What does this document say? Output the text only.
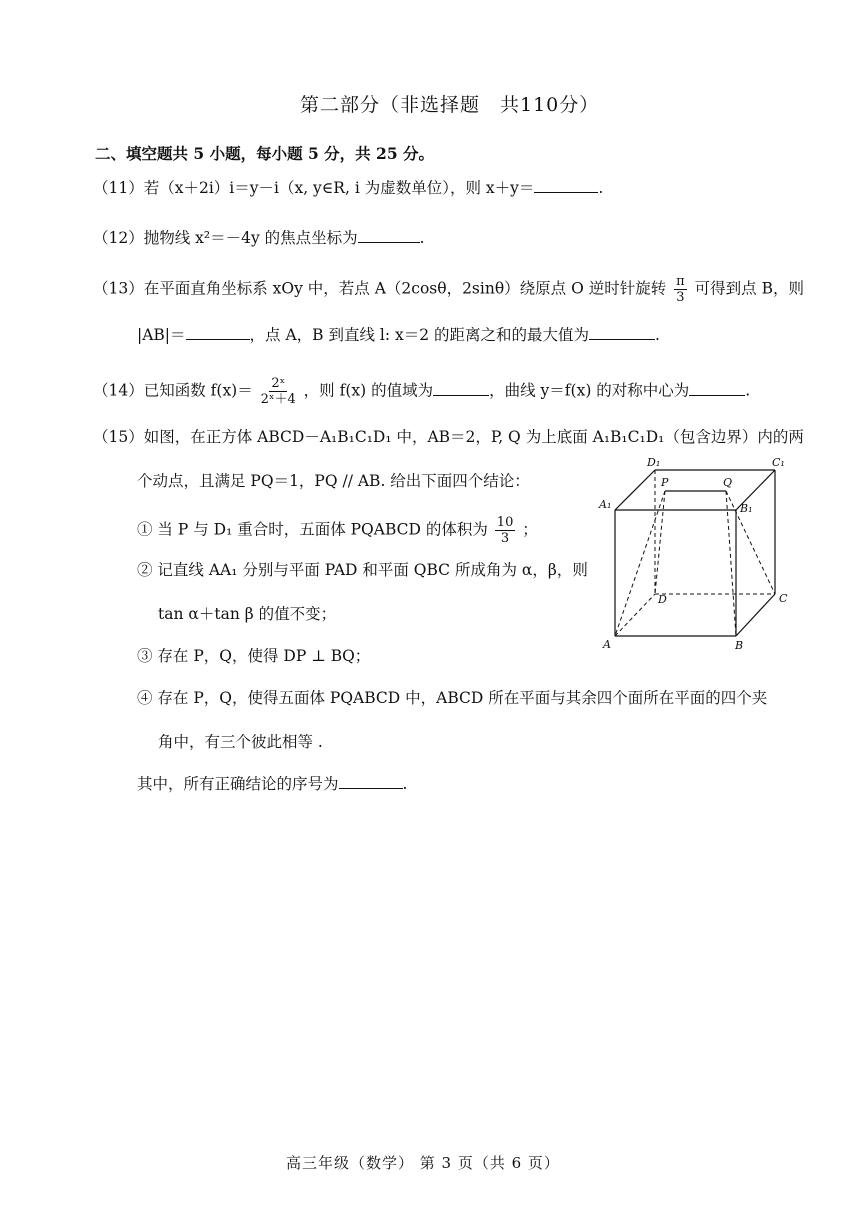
第二部分（非选择题　共110分）
二、填空题共 5 小题，每小题 5 分，共 25 分。
（11）若（x＋2i）i＝y－i（x, y∈R, i 为虚数单位），则 x＋y＝	.
（12）抛物线 x²＝－4y 的焦点坐标为	.
（13）在平面直角坐标系 xOy 中，若点 A（2cosθ，2sinθ）绕原点 O 逆时针旋转 $\frac{\pi}{3}$ 可得到点 B，则
|AB|＝	，点 A，B 到直线 l: x＝2 的距离之和的最大值为	.
（14）已知函数 $f(x)= \frac{\text{2ˣ}}{\text{2ˣ＋4}}$ ，则 f(x) 的值域为	，曲线 y＝f(x) 的对称中心为	.
（15）如图，在正方体 ABCD－A₁B₁C₁D₁ 中，AB＝2，P, Q 为上底面 A₁B₁C₁D₁（包含边界）内的两
个动点，且满足 PQ＝1，PQ // AB. 给出下面四个结论：
① 当 P 与 D₁ 重合时，五面体 PQABCD 的体积为 $\frac{10}{3}$ ；
② 记直线 AA₁ 分别与平面 PAD 和平面 QBC 所成角为 α，β，则
tan α＋tan β 的值不变；
③ 存在 P，Q，使得 DP ⊥ BQ；
④ 存在 P，Q，使得五面体 PQABCD 中，ABCD 所在平面与其余四个面所在平面的四个夹
角中，有三个彼此相等 .
其中，所有正确结论的序号为	.
D₁	C₁
A₁	B₁
P	Q
D	C
A	B
高三年级（数学） 第 3 页（共 6 页）
